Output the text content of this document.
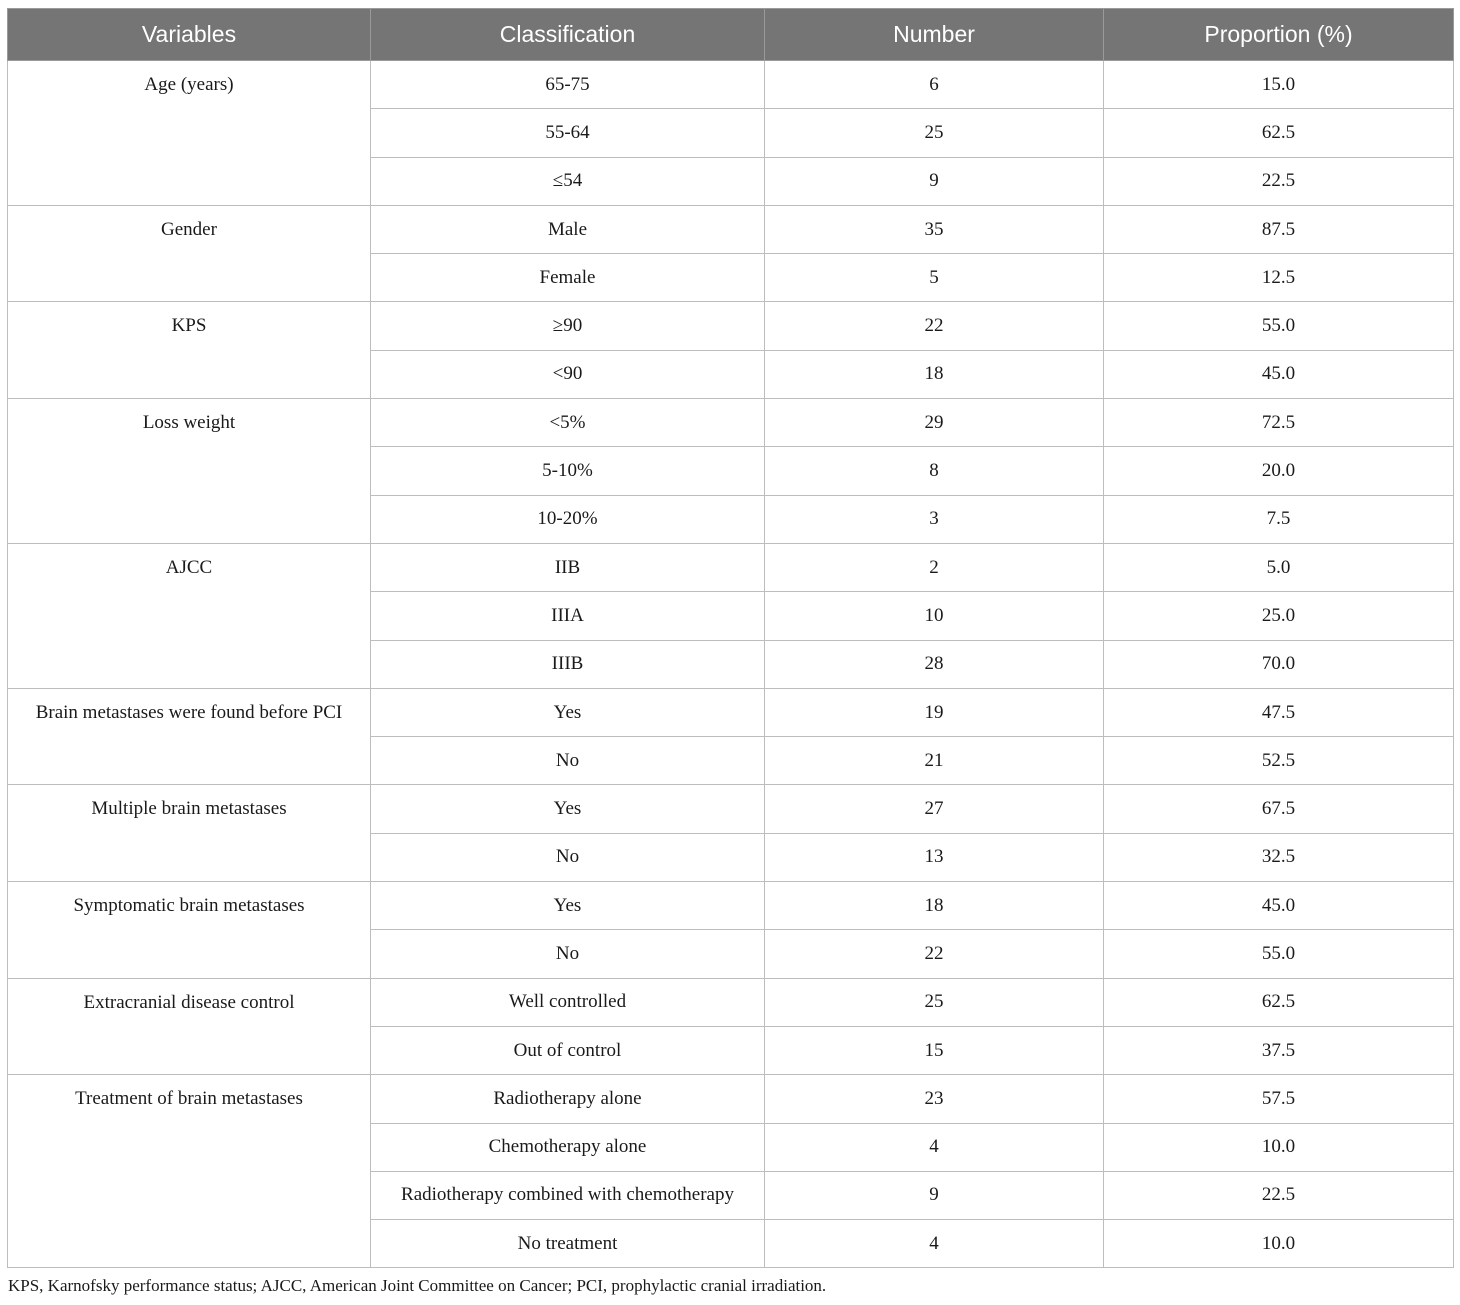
Variables	Classification	Number	Proportion (%)
Age (years)	65-75	6	15.0
	55-64	25	62.5
	≤54	9	22.5
Gender	Male	35	87.5
	Female	5	12.5
KPS	≥90	22	55.0
	<90	18	45.0
Loss weight	<5%	29	72.5
	5-10%	8	20.0
	10-20%	3	7.5
AJCC	IIB	2	5.0
	IIIA	10	25.0
	IIIB	28	70.0
Brain metastases were found before PCI	Yes	19	47.5
	No	21	52.5
Multiple brain metastases	Yes	27	67.5
	No	13	32.5
Symptomatic brain metastases	Yes	18	45.0
	No	22	55.0
Extracranial disease control	Well controlled	25	62.5
	Out of control	15	37.5
Treatment of brain metastases	Radiotherapy alone	23	57.5
	Chemotherapy alone	4	10.0
	Radiotherapy combined with chemotherapy	9	22.5
	No treatment	4	10.0
KPS, Karnofsky performance status; AJCC, American Joint Committee on Cancer; PCI, prophylactic cranial irradiation.
